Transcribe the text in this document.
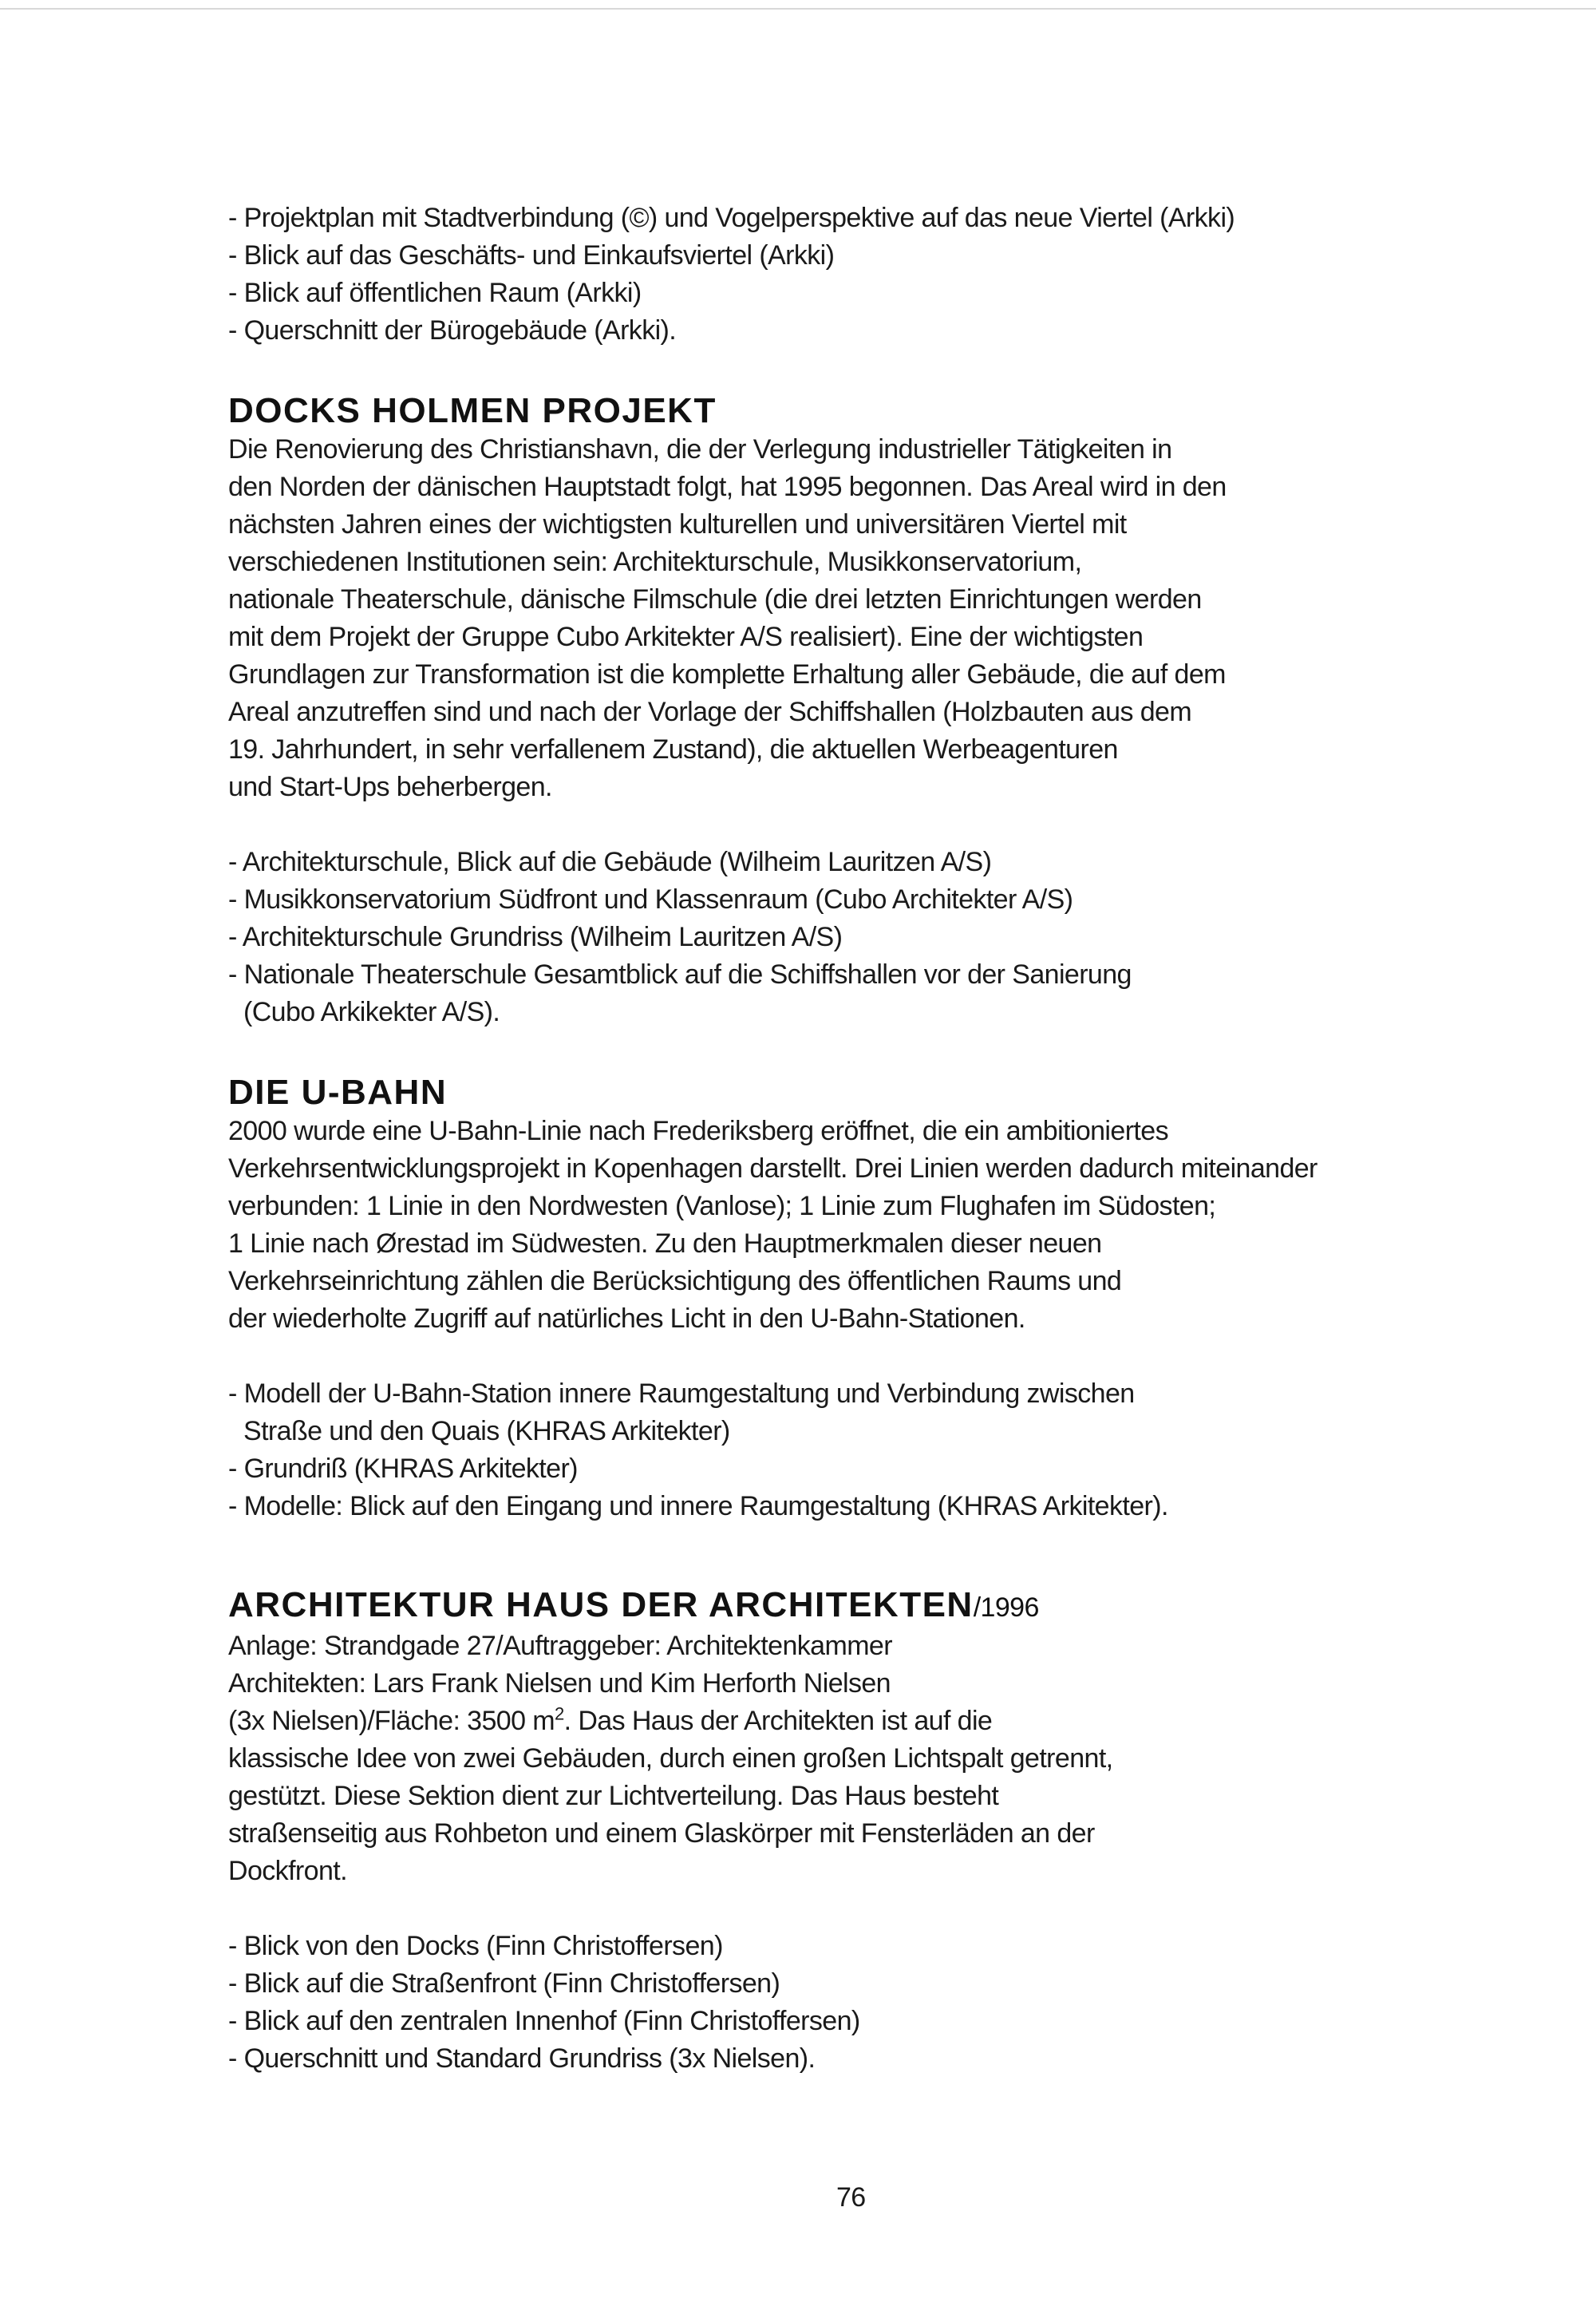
- Projektplan mit Stadtverbindung (©) und Vogelperspektive auf das neue Viertel (Arkki)

- Blick auf das Geschäfts- und Einkaufsviertel (Arkki)

- Blick auf öffentlichen Raum (Arkki)

- Querschnitt der Bürogebäude (Arkki).

DOCKS HOLMEN PROJEKT

Die Renovierung des Christianshavn, die der Verlegung industrieller Tätigkeiten in

den Norden der dänischen Hauptstadt folgt, hat 1995 begonnen. Das Areal wird in den

nächsten Jahren eines der wichtigsten kulturellen und universitären Viertel mit

verschiedenen Institutionen sein: Architekturschule, Musikkonservatorium,

nationale Theaterschule, dänische Filmschule (die drei letzten Einrichtungen werden

mit dem Projekt der Gruppe Cubo Arkitekter A/S realisiert). Eine der wichtigsten

Grundlagen zur Transformation ist die komplette Erhaltung aller Gebäude, die auf dem

Areal anzutreffen sind und nach der Vorlage der Schiffshallen (Holzbauten aus dem

19. Jahrhundert, in sehr verfallenem Zustand), die aktuellen Werbeagenturen

und Start-Ups beherbergen.

- Architekturschule, Blick auf die Gebäude (Wilheim Lauritzen A/S)

- Musikkonservatorium Südfront und Klassenraum (Cubo Architekter A/S)

- Architekturschule Grundriss (Wilheim Lauritzen A/S)

- Nationale Theaterschule Gesamtblick auf die Schiffshallen vor der Sanierung

(Cubo Arkikekter A/S).

DIE U-BAHN

2000 wurde eine U-Bahn-Linie nach Frederiksberg eröffnet, die ein ambitioniertes

Verkehrsentwicklungsprojekt in Kopenhagen darstellt. Drei Linien werden dadurch miteinander

verbunden: 1 Linie in den Nordwesten (Vanlose); 1 Linie zum Flughafen im Südosten;

1 Linie nach Ørestad im Südwesten. Zu den Hauptmerkmalen dieser neuen

Verkehrseinrichtung zählen die Berücksichtigung des öffentlichen Raums und

der wiederholte Zugriff auf natürliches Licht in den U-Bahn-Stationen.

- Modell der U-Bahn-Station innere Raumgestaltung und Verbindung zwischen

Straße und den Quais (KHRAS Arkitekter)

- Grundriß (KHRAS Arkitekter)

- Modelle: Blick auf den Eingang und innere Raumgestaltung (KHRAS Arkitekter).

ARCHITEKTUR HAUS DER ARCHITEKTEN/1996

Anlage: Strandgade 27/Auftraggeber: Architektenkammer

Architekten: Lars Frank Nielsen und Kim Herforth Nielsen

(3x Nielsen)/Fläche: 3500 $m^2$. Das Haus der Architekten ist auf die

klassische Idee von zwei Gebäuden, durch einen großen Lichtspalt getrennt,

gestützt. Diese Sektion dient zur Lichtverteilung. Das Haus besteht

straßenseitig aus Rohbeton und einem Glaskörper mit Fensterläden an der

Dockfront.

- Blick von den Docks (Finn Christoffersen)

- Blick auf die Straßenfront (Finn Christoffersen)

- Blick auf den zentralen Innenhof (Finn Christoffersen)

- Querschnitt und Standard Grundriss (3x Nielsen).

76
